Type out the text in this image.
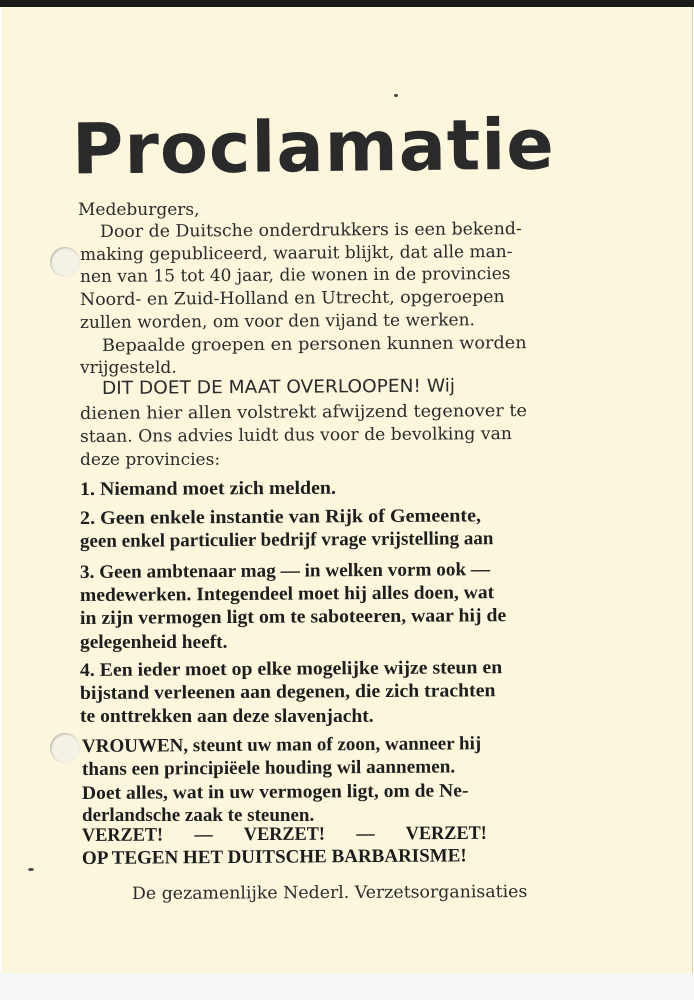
Proclamatie
Medeburgers,
Door de Duitsche onderdrukkers is een bekend-
making gepubliceerd, waaruit blijkt, dat alle man-
nen van 15 tot 40 jaar, die wonen in de provincies
Noord- en Zuid-Holland en Utrecht, opgeroepen
zullen worden, om voor den vijand te werken.
Bepaalde groepen en personen kunnen worden
vrijgesteld.
DIT DOET DE MAAT OVERLOOPEN! Wij
dienen hier allen volstrekt afwijzend tegenover te
staan. Ons advies luidt dus voor de bevolking van
deze provincies:
1. Niemand moet zich melden.
2. Geen enkele instantie van Rijk of Gemeente,
geen enkel particulier bedrijf vrage vrijstelling aan
3. Geen ambtenaar mag — in welken vorm ook —
medewerken. Integendeel moet hij alles doen, wat
in zijn vermogen ligt om te saboteeren, waar hij de
gelegenheid heeft.
4. Een ieder moet op elke mogelijke wijze steun en
bijstand verleenen aan degenen, die zich trachten
te onttrekken aan deze slavenjacht.
VROUWEN, steunt uw man of zoon, wanneer hij
thans een principiëele houding wil aannemen.
Doet alles, wat in uw vermogen ligt, om de Ne-
derlandsche zaak te steunen.
VERZET! — VERZET! — VERZET!
OP TEGEN HET DUITSCHE BARBARISME!
De gezamenlijke Nederl. Verzetsorganisaties
